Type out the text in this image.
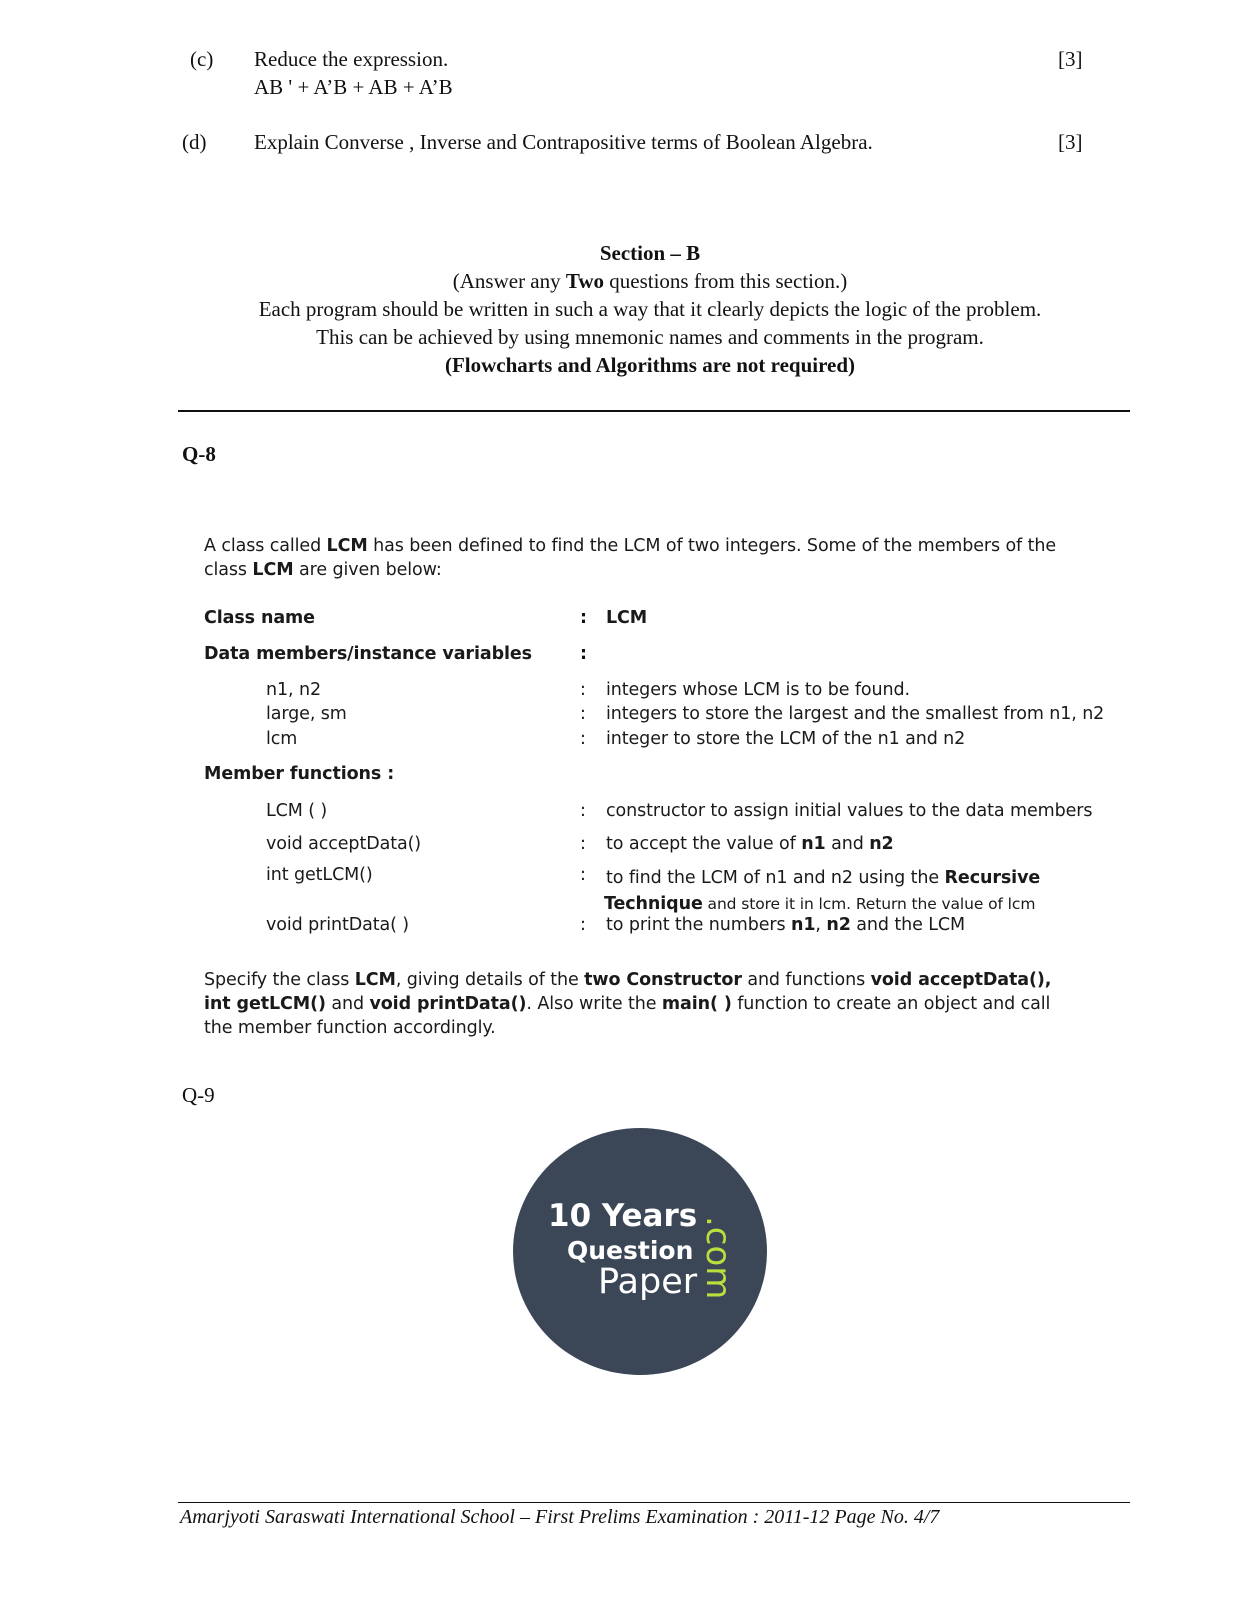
(c) Reduce the expression.
AB ' + A’B + AB + A’B
[3]
(d) Explain Converse , Inverse and Contrapositive terms of Boolean Algebra.	[3]
Section – B
(Answer any Two questions from this section.)
Each program should be written in such a way that it clearly depicts the logic of the problem.
This can be achieved by using mnemonic names and comments in the program.
(Flowcharts and Algorithms are not required)
Q-8
A class called LCM has been defined to find the LCM of two integers. Some of the members of the
class LCM are given below:
Class name	: LCM
Data members/instance variables	:
n1, n2	: integers whose LCM is to be found.
large, sm	: integers to store the largest and the smallest from n1, n2
lcm	: integer to store the LCM of the n1 and n2
Member functions :
LCM ( )	: constructor to assign initial values to the data members
void acceptData()	: to accept the value of n1 and n2
int getLCM()	: to find the LCM of n1 and n2 using the Recursive
Technique and store it in lcm. Return the value of lcm
void printData( )	: to print the numbers n1, n2 and the LCM
Specify the class LCM, giving details of the two Constructor and functions void acceptData(),
int getLCM() and void printData(). Also write the main( ) function to create an object and call
the member function accordingly.
Q-9
10 Years
Question
Paper .com
Amarjyoti Saraswati International School – First Prelims Examination : 2011-12 Page No. 4/7
